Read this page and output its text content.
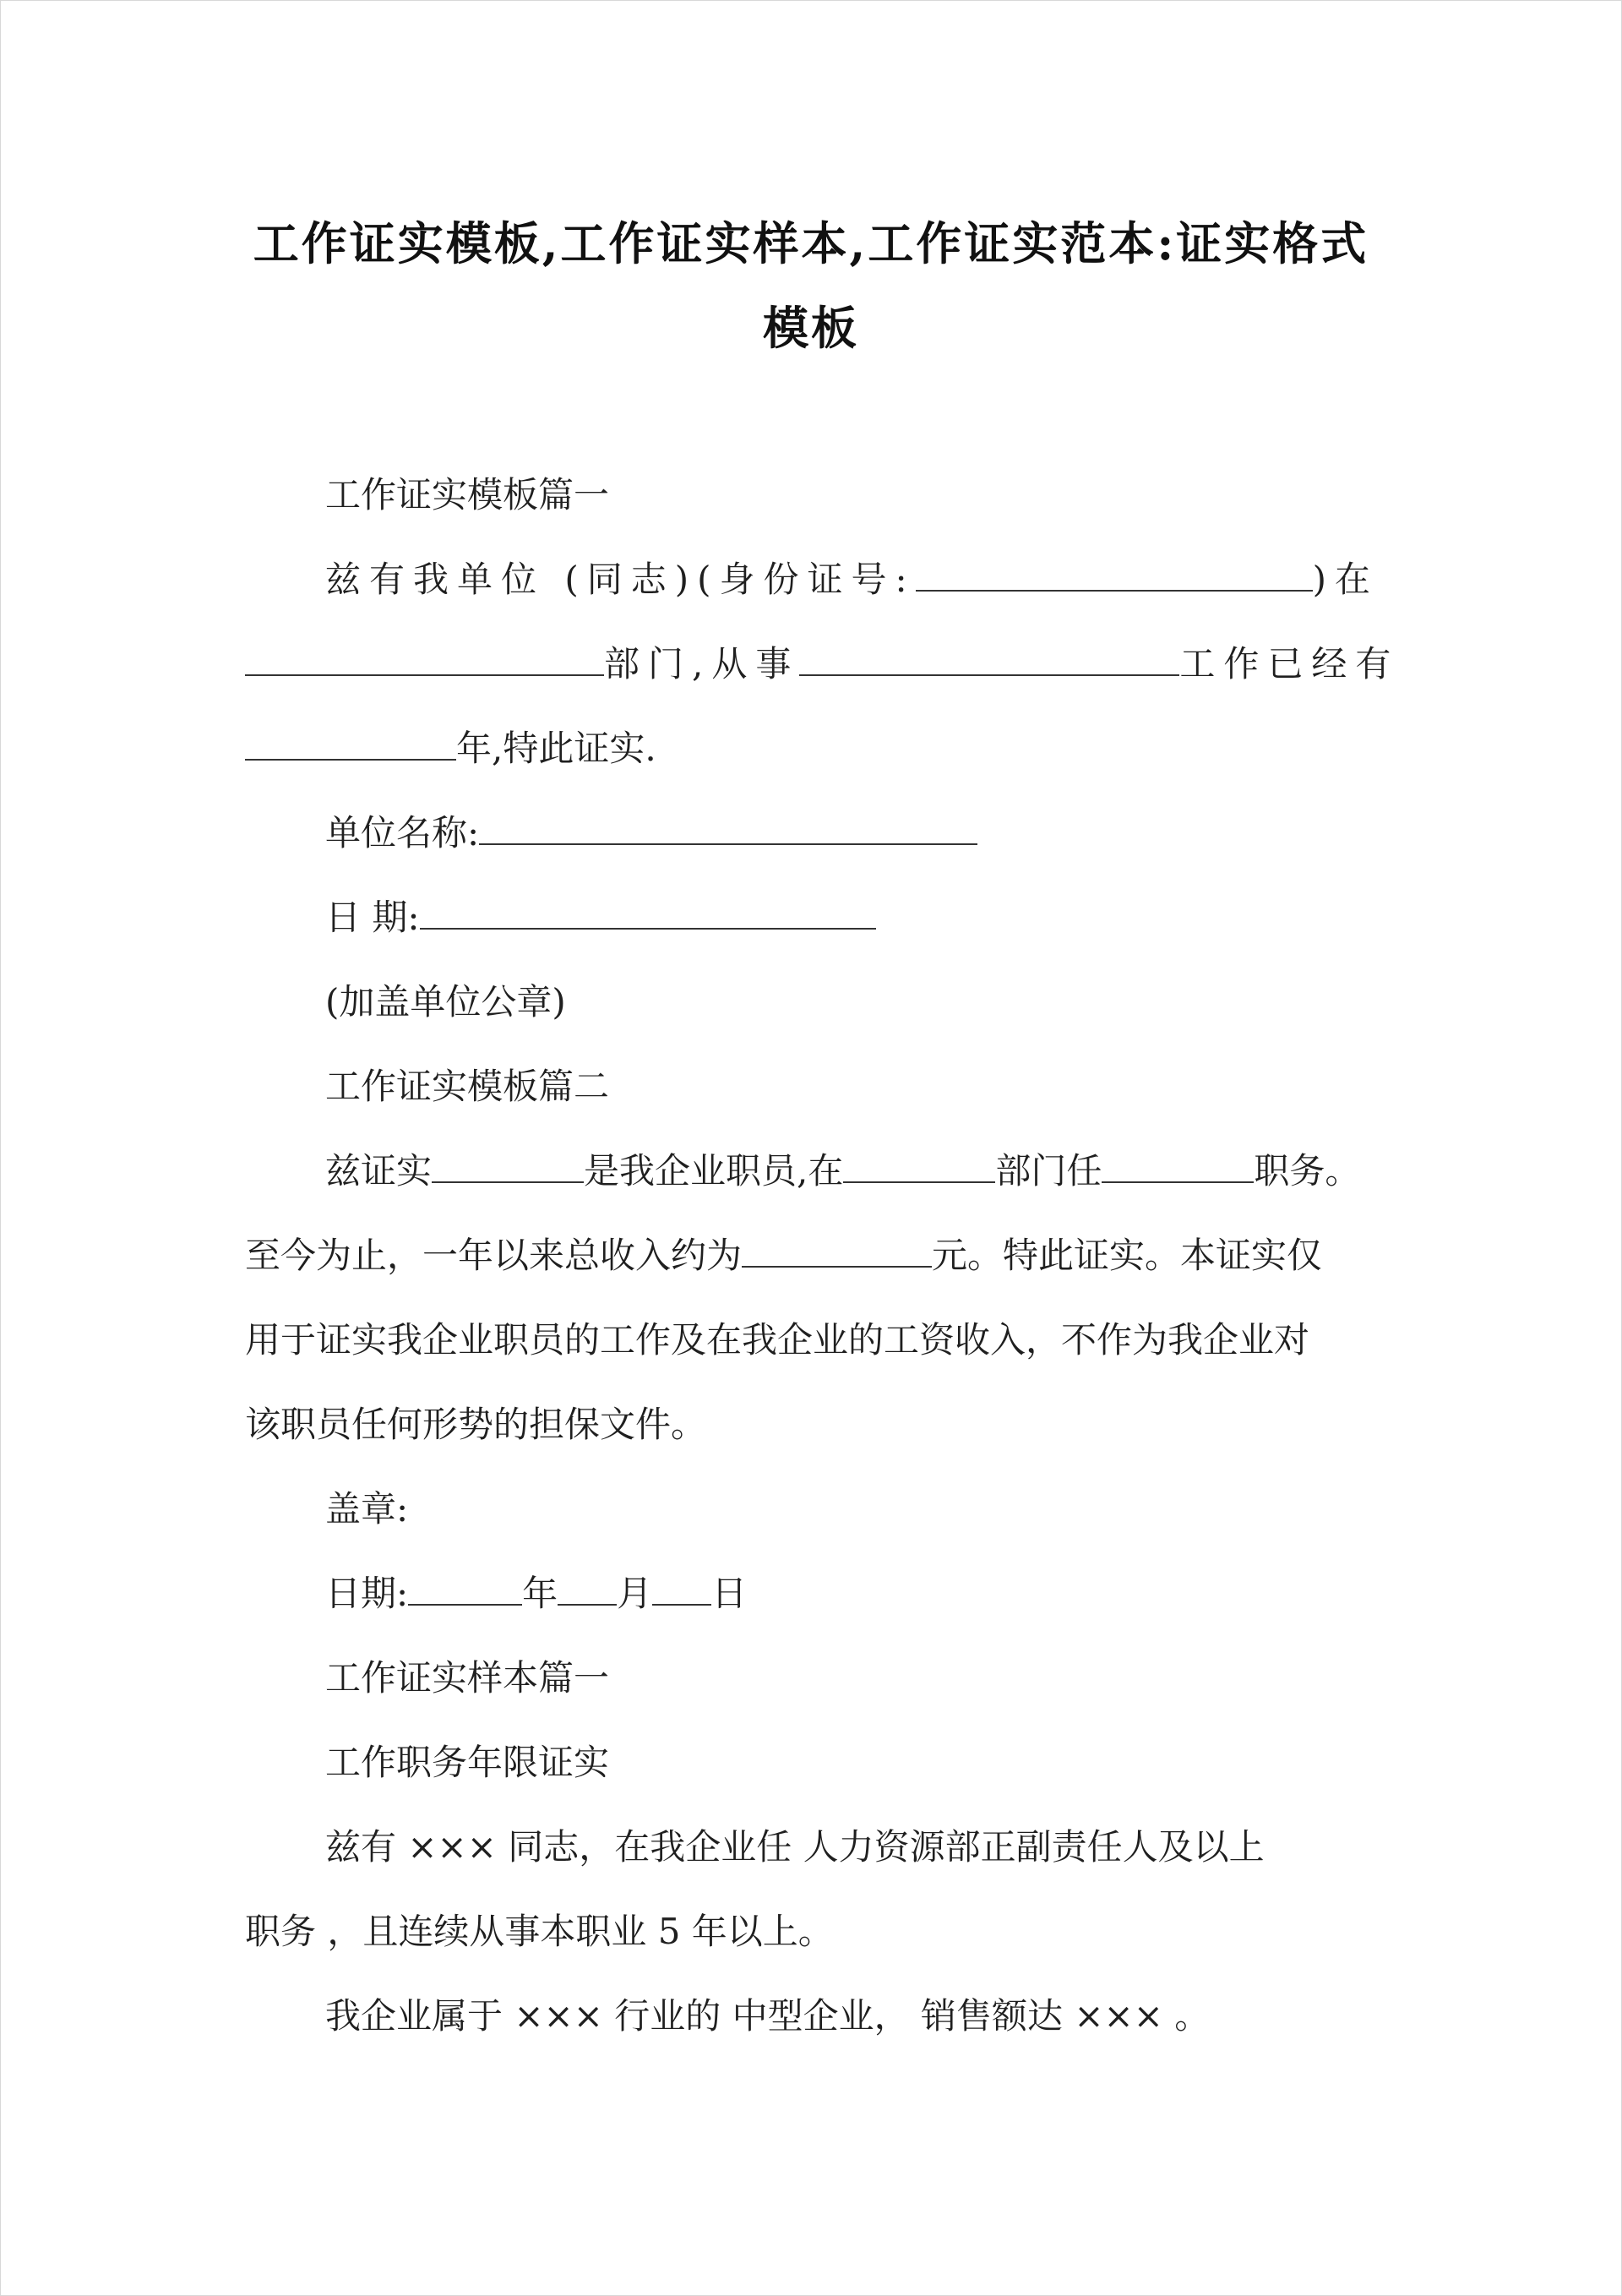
工作证实模板,工作证实样本,工作证实范本:证实格式模板
工作证实模板篇一
兹有我单位 (同志)(身份证号:	)在
部门,从事	工作已经有
年,特此证实.
单位名称:
日 期:
(加盖单位公章)
工作证实模板篇二
兹证实	是我企业职员,在	部门任	职务。
至今为止，一年以来总收入约为	元。特此证实。本证实仅
用于证实我企业职员的工作及在我企业的工资收入，不作为我企业对
该职员任何形势的担保文件。
盖章:
日期:	年 月 日
工作证实样本篇一
工作职务年限证实
兹有 ××× 同志，在我企业任 人力资源部正副责任人及以上
职务 ，且连续从事本职业 5 年以上。
我企业属于 ××× 行业的 中型企业， 销售额达 ××× 。
